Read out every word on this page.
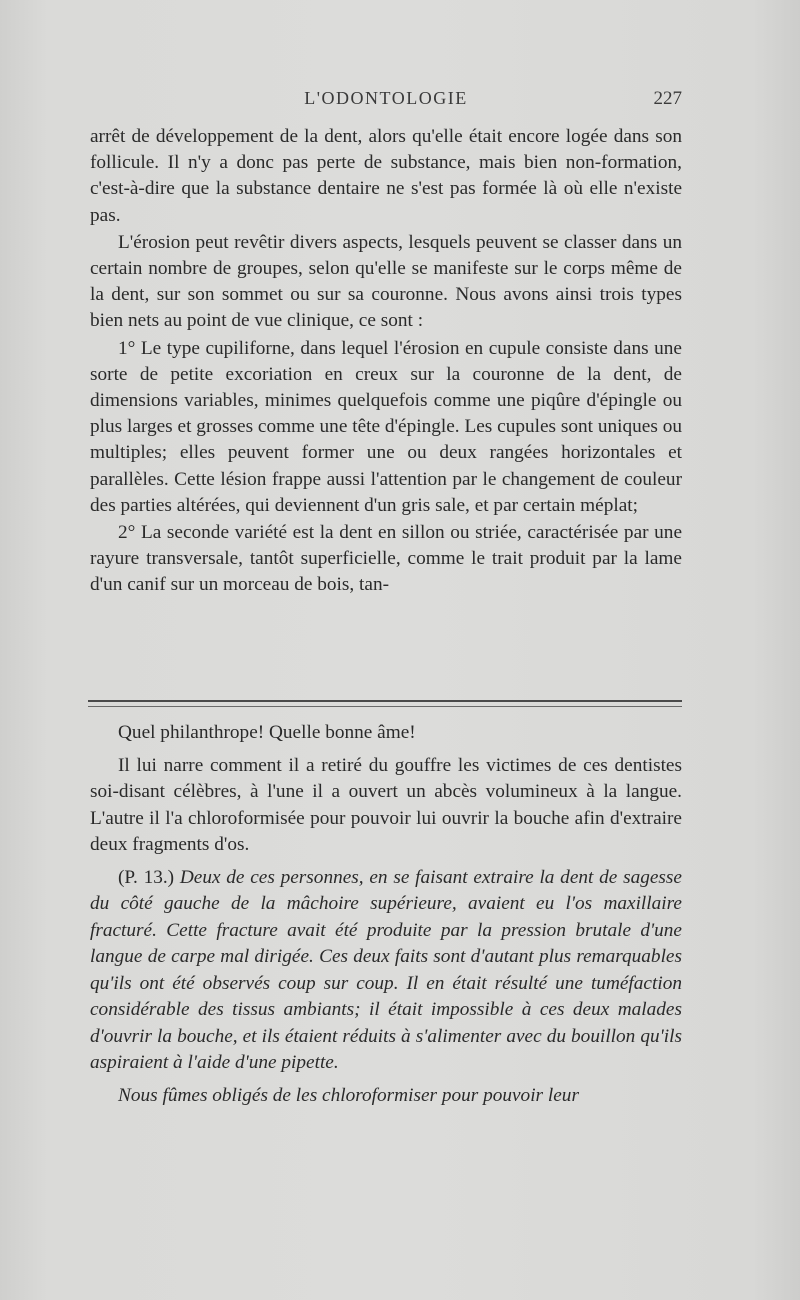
L'ODONTOLOGIE	227

arrêt de développement de la dent, alors qu'elle était encore logée dans son follicule. Il n'y a donc pas perte de substance, mais bien non-formation, c'est-à-dire que la substance dentaire ne s'est pas formée là où elle n'existe pas.

L'érosion peut revêtir divers aspects, lesquels peuvent se classer dans un certain nombre de groupes, selon qu'elle se manifeste sur le corps même de la dent, sur son sommet ou sur sa couronne. Nous avons ainsi trois types bien nets au point de vue clinique, ce sont :

1° Le type cupiliforne, dans lequel l'érosion en cupule consiste dans une sorte de petite excoriation en creux sur la couronne de la dent, de dimensions variables, minimes quelquefois comme une piqûre d'épingle ou plus larges et grosses comme une tête d'épingle. Les cupules sont uniques ou multiples; elles peuvent former une ou deux rangées horizontales et parallèles. Cette lésion frappe aussi l'attention par le changement de couleur des parties altérées, qui deviennent d'un gris sale, et par certain méplat;

2° La seconde variété est la dent en sillon ou striée, caractérisée par une rayure transversale, tantôt superficielle, comme le trait produit par la lame d'un canif sur un morceau de bois, tan-

Quel philanthrope! Quelle bonne âme!

Il lui narre comment il a retiré du gouffre les victimes de ces dentistes soi-disant célèbres, à l'une il a ouvert un abcès volumineux à la langue. L'autre il l'a chloroformisée pour pouvoir lui ouvrir la bouche afin d'extraire deux fragments d'os.

(P. 13.) Deux de ces personnes, en se faisant extraire la dent de sagesse du côté gauche de la mâchoire supérieure, avaient eu l'os maxillaire fracturé. Cette fracture avait été produite par la pression brutale d'une langue de carpe mal dirigée. Ces deux faits sont d'autant plus remarquables qu'ils ont été observés coup sur coup. Il en était résulté une tuméfaction considérable des tissus ambiants; il était impossible à ces deux malades d'ouvrir la bouche, et ils étaient réduits à s'alimenter avec du bouillon qu'ils aspiraient à l'aide d'une pipette.

Nous fûmes obligés de les chloroformiser pour pouvoir leur
